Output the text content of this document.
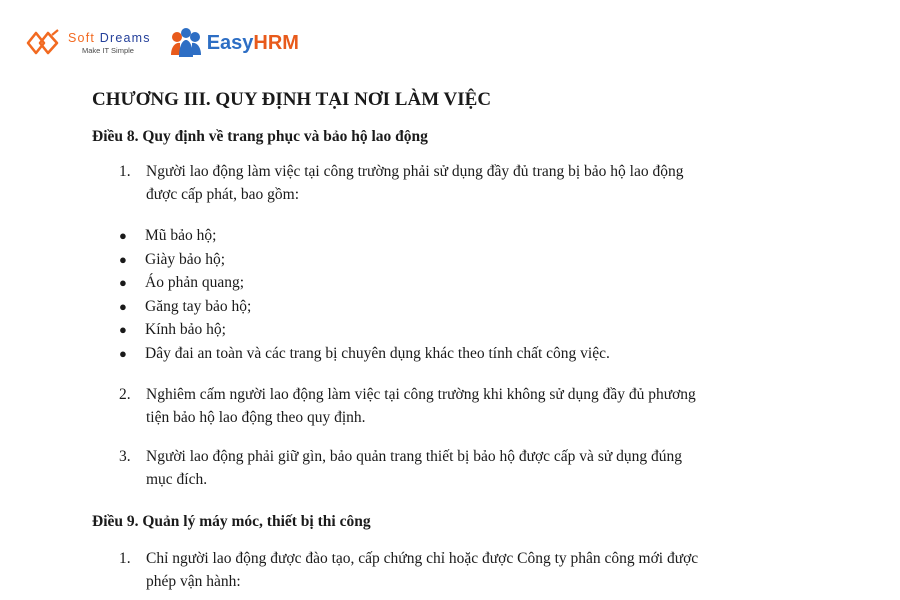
Soft Dreams
Make IT Simple	EasyHRM
CHƯƠNG III. QUY ĐỊNH TẠI NƠI LÀM VIỆC
Điều 8. Quy định về trang phục và bảo hộ lao động
1. Người lao động làm việc tại công trường phải sử dụng đầy đủ trang bị bảo hộ lao động
được cấp phát, bao gồm:
●	Mũ bảo hộ;
●	Giày bảo hộ;
●	Áo phản quang;
●	Găng tay bảo hộ;
●	Kính bảo hộ;
●	Dây đai an toàn và các trang bị chuyên dụng khác theo tính chất công việc.
2. Nghiêm cấm người lao động làm việc tại công trường khi không sử dụng đầy đủ phương
tiện bảo hộ lao động theo quy định.
3. Người lao động phải giữ gìn, bảo quản trang thiết bị bảo hộ được cấp và sử dụng đúng
mục đích.
Điều 9. Quản lý máy móc, thiết bị thi công
1. Chỉ người lao động được đào tạo, cấp chứng chỉ hoặc được Công ty phân công mới được
phép vận hành:
